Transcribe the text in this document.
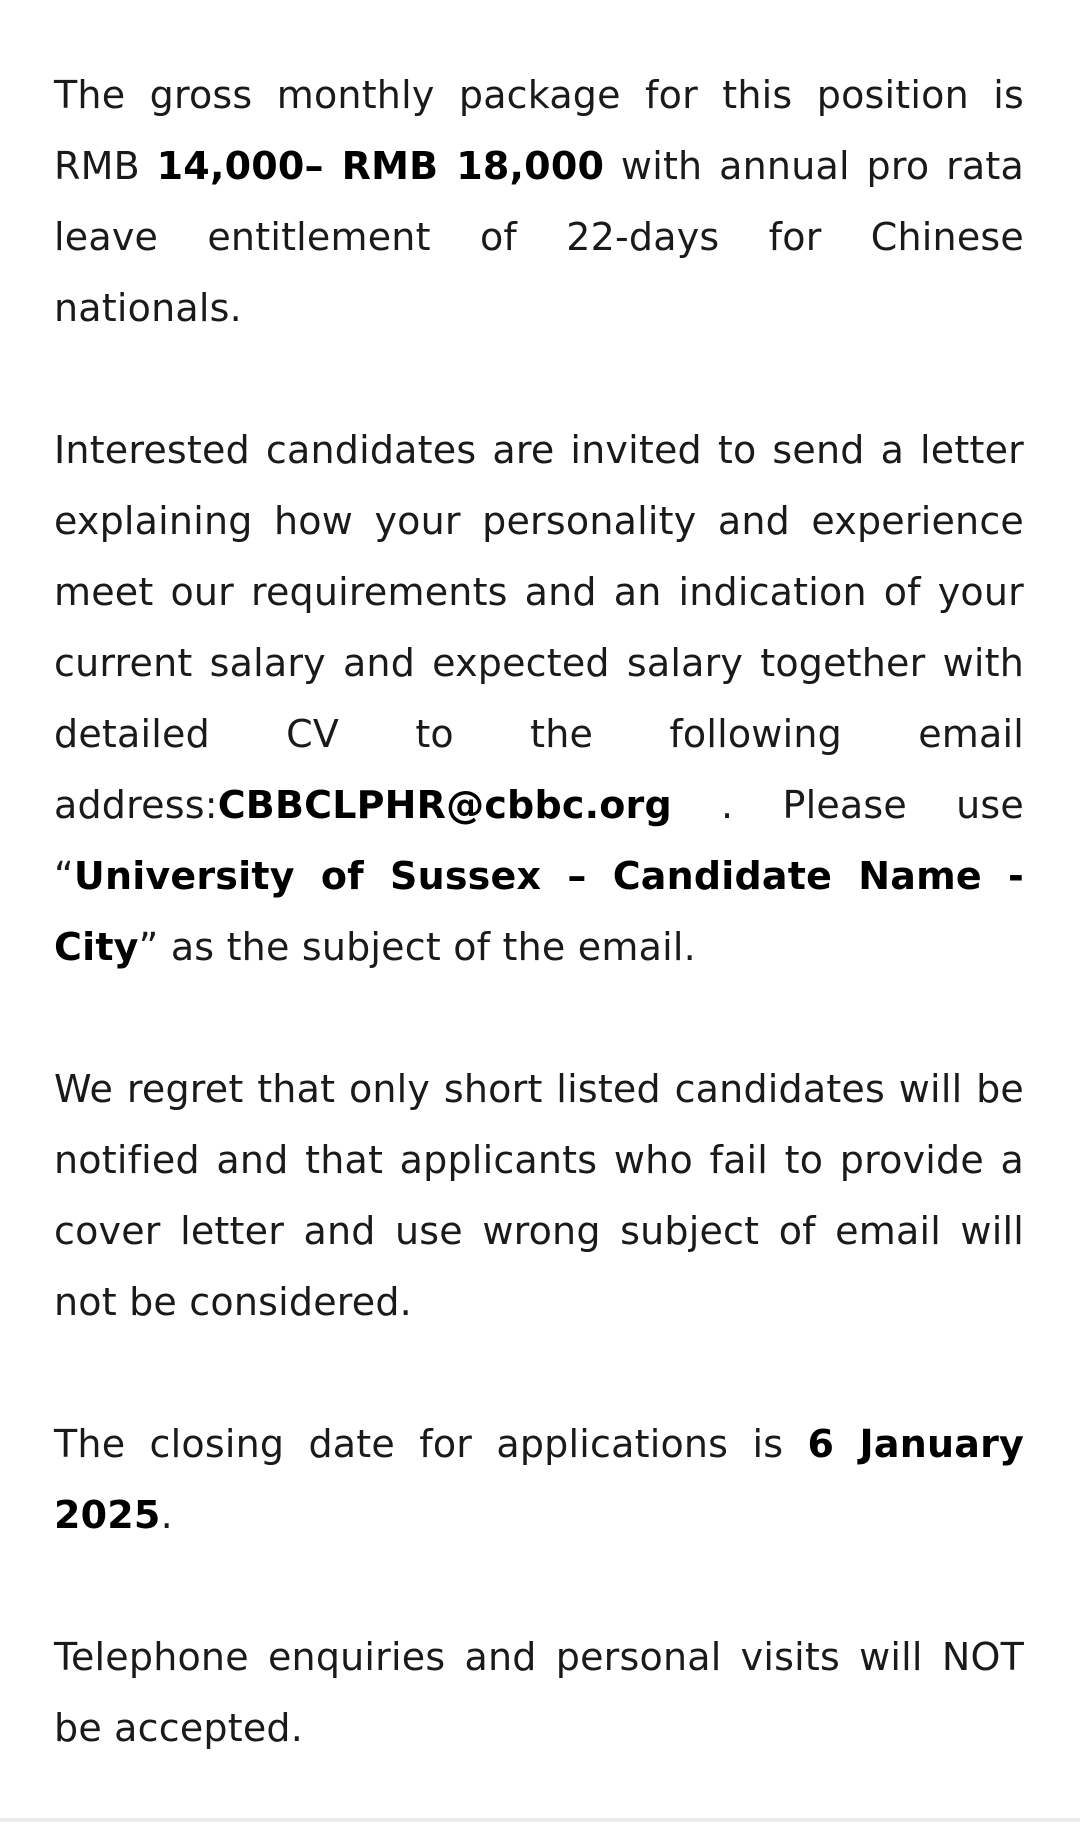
The gross monthly package for this position is RMB 14,000– RMB 18,000 with annual pro rata leave entitlement of 22-days for Chinese nationals.

Interested candidates are invited to send a letter explaining how your personality and experience meet our requirements and an indication of your current salary and expected salary together with detailed CV to the following email address:CBBCLPHR@cbbc.org . Please use “University of Sussex – Candidate Name - City” as the subject of the email.

We regret that only short listed candidates will be notified and that applicants who fail to provide a cover letter and use wrong subject of email will not be considered.

The closing date for applications is 6 January 2025.

Telephone enquiries and personal visits will NOT be accepted.
